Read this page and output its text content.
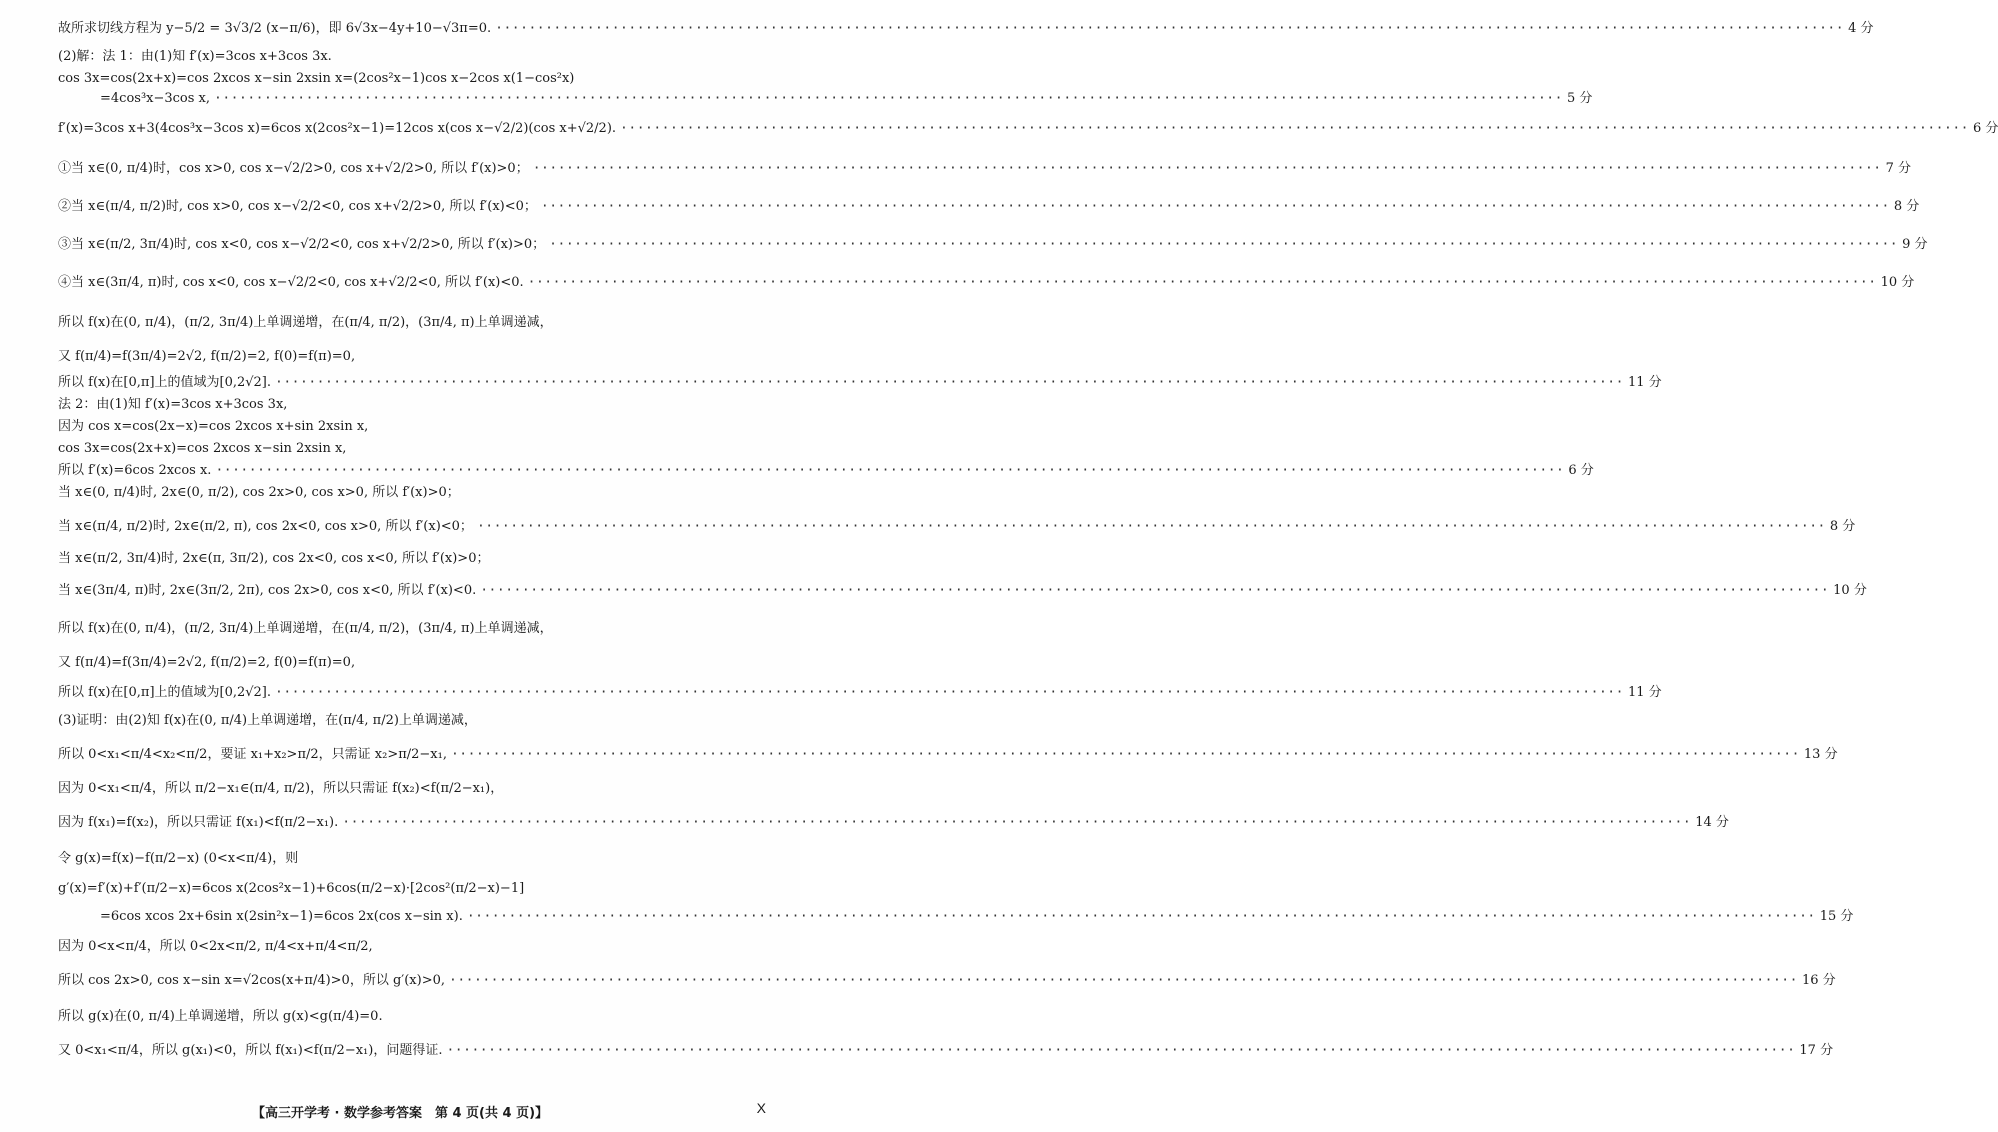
故所求切线方程为 y−5/2 = 3√3/2 (x−π/6)，即 6√3x−4y+10−√3π=0. ·····	4 分
(2)解：法 1：由(1)知 f′(x)=3cos x+3cos 3x.
cos 3x=cos(2x+x)=cos 2xcos x−sin 2xsin x=(2cos²x−1)cos x−2cos x(1−cos²x)
=4cos³x−3cos x, ·····	5 分
f′(x)=3cos x+3(4cos³x−3cos x)=6cos x(2cos²x−1)=12cos x(cos x−√2/2)(cos x+√2/2). ·····	6 分
①当 x∈(0, π/4)时，cos x>0, cos x−√2/2>0, cos x+√2/2>0, 所以 f′(x)>0； ·····	7 分
②当 x∈(π/4, π/2)时, cos x>0, cos x−√2/2<0, cos x+√2/2>0, 所以 f′(x)<0； ·····	8 分
③当 x∈(π/2, 3π/4)时, cos x<0, cos x−√2/2<0, cos x+√2/2>0, 所以 f′(x)>0； ·····	9 分
④当 x∈(3π/4, π)时, cos x<0, cos x−√2/2<0, cos x+√2/2<0, 所以 f′(x)<0. ·····	10 分
所以 f(x)在(0, π/4)，(π/2, 3π/4)上单调递增，在(π/4, π/2)，(3π/4, π)上单调递减，
又 f(π/4)=f(3π/4)=2√2, f(π/2)=2, f(0)=f(π)=0,
所以 f(x)在[0,π]上的值域为[0,2√2]. ·····	11 分
法 2：由(1)知 f′(x)=3cos x+3cos 3x,
因为 cos x=cos(2x−x)=cos 2xcos x+sin 2xsin x,
cos 3x=cos(2x+x)=cos 2xcos x−sin 2xsin x,
所以 f′(x)=6cos 2xcos x. ·····	6 分
当 x∈(0, π/4)时, 2x∈(0, π/2), cos 2x>0, cos x>0, 所以 f′(x)>0；
当 x∈(π/4, π/2)时, 2x∈(π/2, π), cos 2x<0, cos x>0, 所以 f′(x)<0； ·····	8 分
当 x∈(π/2, 3π/4)时, 2x∈(π, 3π/2), cos 2x<0, cos x<0, 所以 f′(x)>0；
当 x∈(3π/4, π)时, 2x∈(3π/2, 2π), cos 2x>0, cos x<0, 所以 f′(x)<0. ·····	10 分
所以 f(x)在(0, π/4)，(π/2, 3π/4)上单调递增，在(π/4, π/2)，(3π/4, π)上单调递减，
又 f(π/4)=f(3π/4)=2√2, f(π/2)=2, f(0)=f(π)=0,
所以 f(x)在[0,π]上的值域为[0,2√2]. ·····	11 分
(3)证明：由(2)知 f(x)在(0, π/4)上单调递增，在(π/4, π/2)上单调递减，
所以 0<x₁<π/4<x₂<π/2，要证 x₁+x₂>π/2，只需证 x₂>π/2−x₁, ·····	13 分
因为 0<x₁<π/4，所以 π/2−x₁∈(π/4, π/2)，所以只需证 f(x₂)<f(π/2−x₁)，
因为 f(x₁)=f(x₂)，所以只需证 f(x₁)<f(π/2−x₁). ·····	14 分
令 g(x)=f(x)−f(π/2−x) (0<x<π/4)，则
g′(x)=f′(x)+f′(π/2−x)=6cos x(2cos²x−1)+6cos(π/2−x)·[2cos²(π/2−x)−1]
=6cos xcos 2x+6sin x(2sin²x−1)=6cos 2x(cos x−sin x). ·····	15 分
因为 0<x<π/4，所以 0<2x<π/2, π/4<x+π/4<π/2,
所以 cos 2x>0, cos x−sin x=√2cos(x+π/4)>0，所以 g′(x)>0, ·····	16 分
所以 g(x)在(0, π/4)上单调递增，所以 g(x)<g(π/4)=0.
又 0<x₁<π/4，所以 g(x₁)<0，所以 f(x₁)<f(π/2−x₁)，问题得证. ·····	17 分
【高三开学考 · 数学参考答案　第 4 页(共 4 页)】	X
